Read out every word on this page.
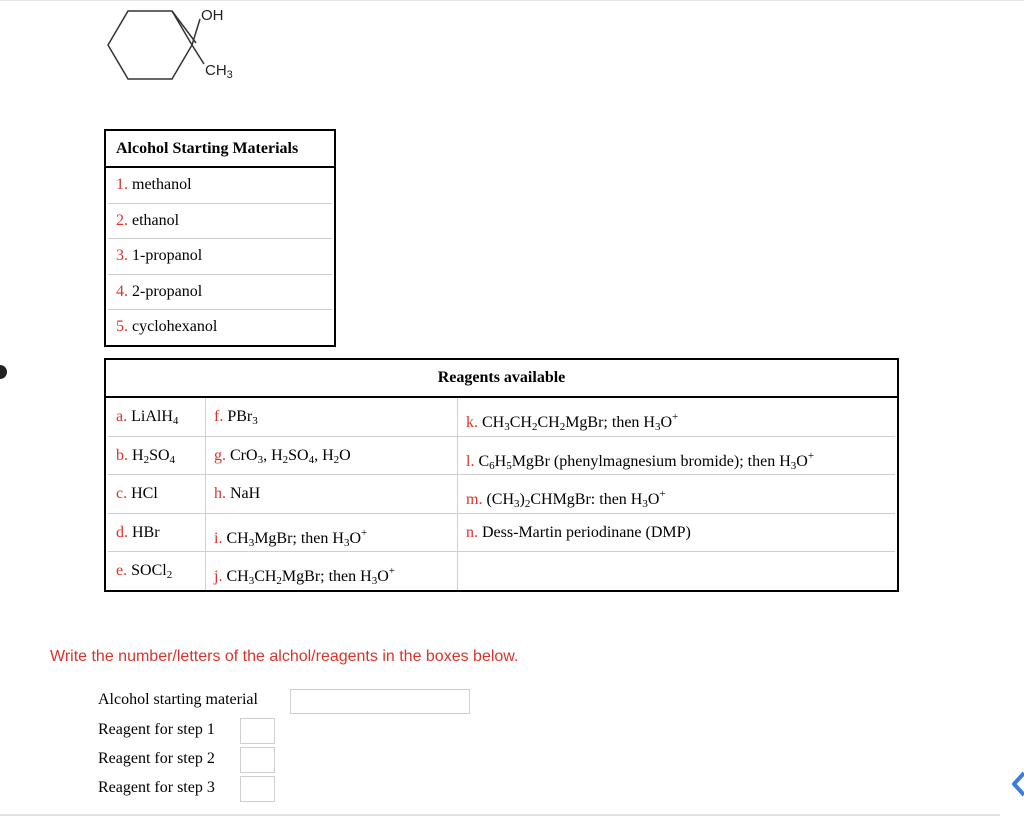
OH
$CH_3$
Alcohol Starting Materials
1. methanol
2. ethanol
3. 1-propanol
4. 2-propanol
5. cyclohexanol
Reagents available
a. LiAlH$_4$	f. PBr$_3$	k. $CH_3CH_2CH_2MgBr$; then $H_3O^+$
b. $H_2SO_4$	g. CrO$_3$, $H_2SO_4$, $H_2O$	l. $C_6H_5MgBr$ (phenylmagnesium bromide); then $H_3O^+$
c. HCl	h. NaH	m. $(CH_3)_2CHMgBr$: then $H_3O^+$
d. HBr	i. $CH_3MgBr$; then $H_3O^+$	n. Dess-Martin periodinane (DMP)
e. SOCl$_2$	j. $CH_3CH_2MgBr$; then $H_3O^+$
Write the number/letters of the alchol/reagents in the boxes below.
Alcohol starting material
Reagent for step 1
Reagent for step 2
Reagent for step 3
